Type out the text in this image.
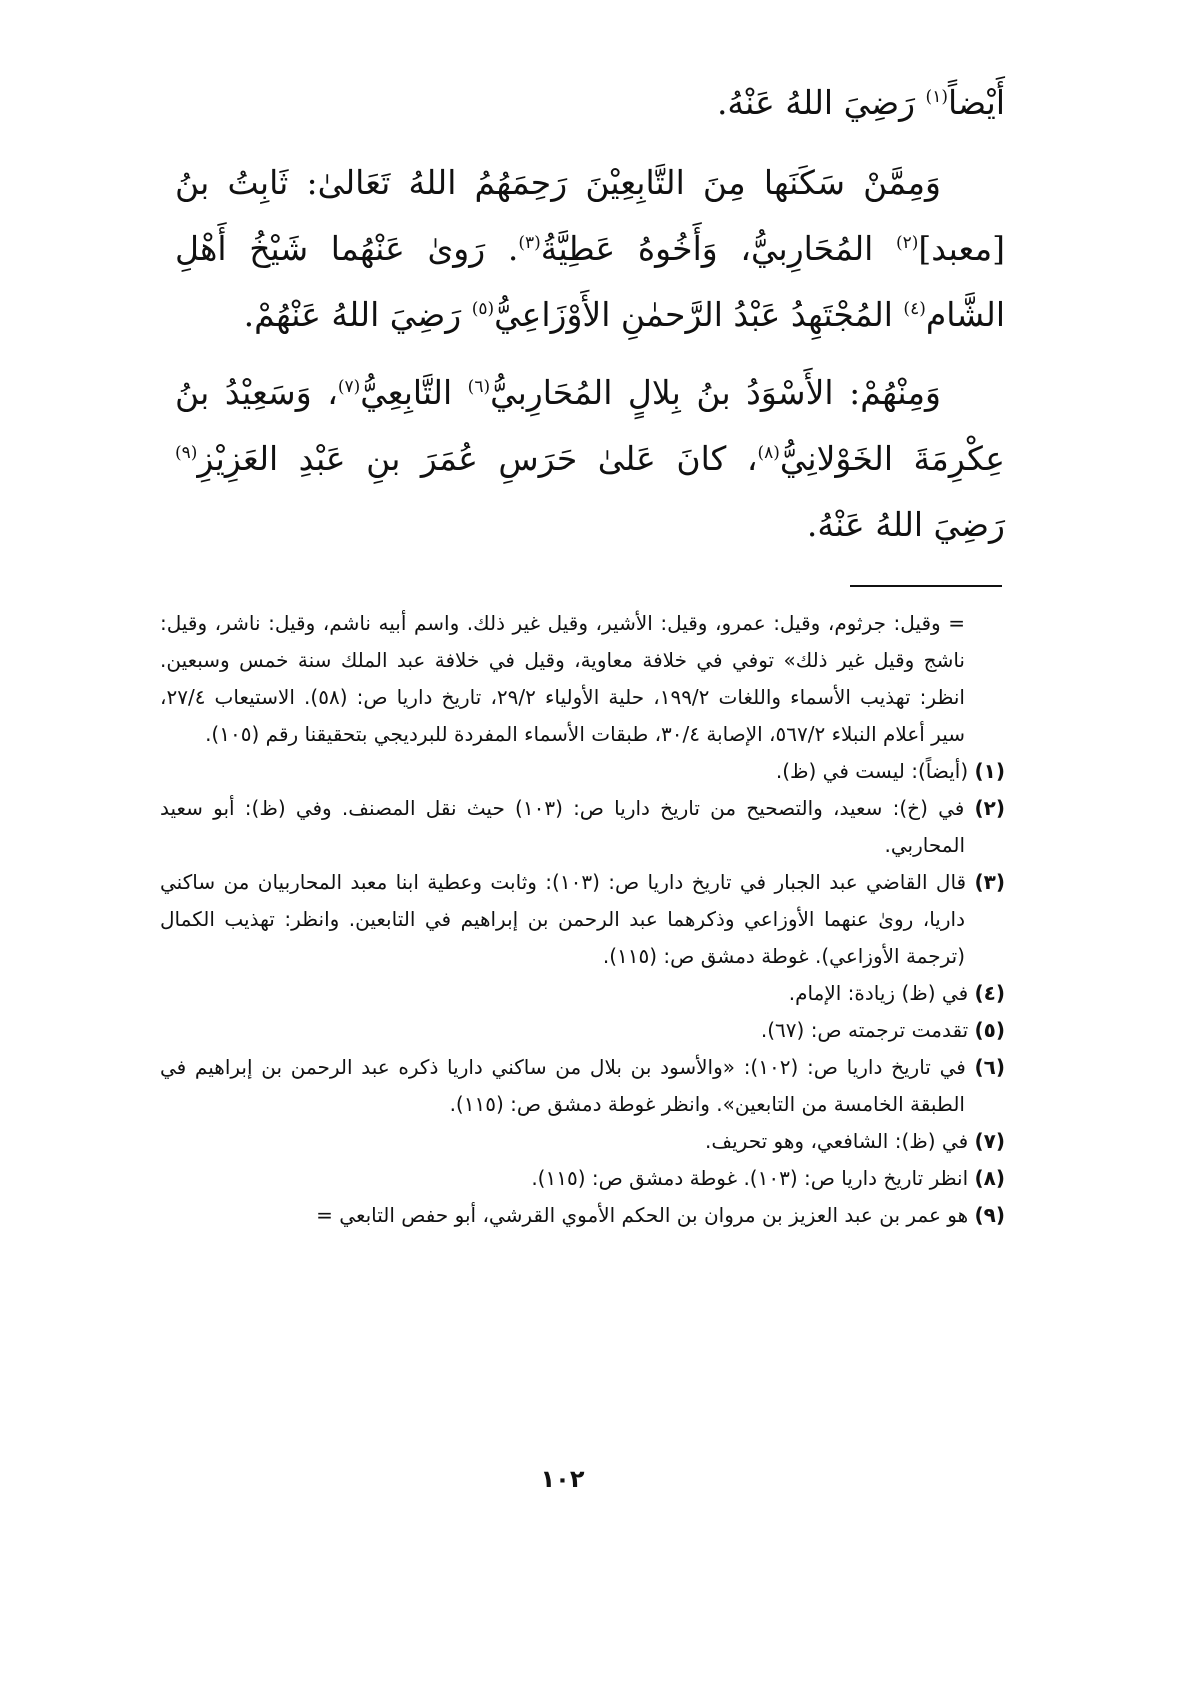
أَيْضاً$^{(١)}$ رَضِيَ اللهُ عَنْهُ.

وَمِمَّنْ سَكَنَها مِنَ التَّابِعِيْنَ رَحِمَهُمُ اللهُ تَعَالىٰ: ثَابِتُ بنُ [معبد]$^{(٢)}$ المُحَارِبيُّ، وَأَخُوهُ عَطِيَّةُ$^{(٣)}$. رَوىٰ عَنْهُما شَيْخُ أَهْلِ الشَّام$^{(٤)}$ المُجْتَهِدُ عَبْدُ الرَّحمٰنِ الأَوْزَاعِيُّ$^{(٥)}$ رَضِيَ اللهُ عَنْهُمْ.

وَمِنْهُمْ: الأَسْوَدُ بنُ بِلالٍ المُحَارِبيُّ$^{(٦)}$ التَّابِعِيُّ$^{(٧)}$، وَسَعِيْدُ بنُ عِكْرِمَةَ الخَوْلانِيُّ$^{(٨)}$، كانَ عَلىٰ حَرَسِ عُمَرَ بنِ عَبْدِ العَزِيْزِ$^{(٩)}$ رَضِيَ اللهُ عَنْهُ.

= وقيل: جرثوم، وقيل: عمرو، وقيل: الأشير، وقيل غير ذلك. واسم أبيه ناشم، وقيل: ناشر، وقيل: ناشج وقيل غير ذلك» توفي في خلافة معاوية، وقيل في خلافة عبد الملك سنة خمس وسبعين. انظر: تهذيب الأسماء واللغات ١٩٩/٢، حلية الأولياء ٢٩/٢، تاريخ داريا ص: (٥٨). الاستيعاب ٢٧/٤، سير أعلام النبلاء ٥٦٧/٢، الإصابة ٣٠/٤، طبقات الأسماء المفردة للبرديجي بتحقيقنا رقم (١٠٥).

(١) (أيضاً): ليست في (ظ).

(٢) في (خ): سعيد، والتصحيح من تاريخ داريا ص: (١٠٣) حيث نقل المصنف. وفي (ظ): أبو سعيد المحاربي.

(٣) قال القاضي عبد الجبار في تاريخ داريا ص: (١٠٣): وثابت وعطية ابنا معبد المحاربيان من ساكني داريا، روىٰ عنهما الأوزاعي وذكرهما عبد الرحمن بن إبراهيم في التابعين. وانظر: تهذيب الكمال (ترجمة الأوزاعي). غوطة دمشق ص: (١١٥).

(٤) في (ظ) زيادة: الإمام.

(٥) تقدمت ترجمته ص: (٦٧).

(٦) في تاريخ داريا ص: (١٠٢): «والأسود بن بلال من ساكني داريا ذكره عبد الرحمن بن إبراهيم في الطبقة الخامسة من التابعين». وانظر غوطة دمشق ص: (١١٥).

(٧) في (ظ): الشافعي، وهو تحريف.

(٨) انظر تاريخ داريا ص: (١٠٣). غوطة دمشق ص: (١١٥).

(٩) هو عمر بن عبد العزيز بن مروان بن الحكم الأموي القرشي، أبو حفص التابعي =

١٠٢
